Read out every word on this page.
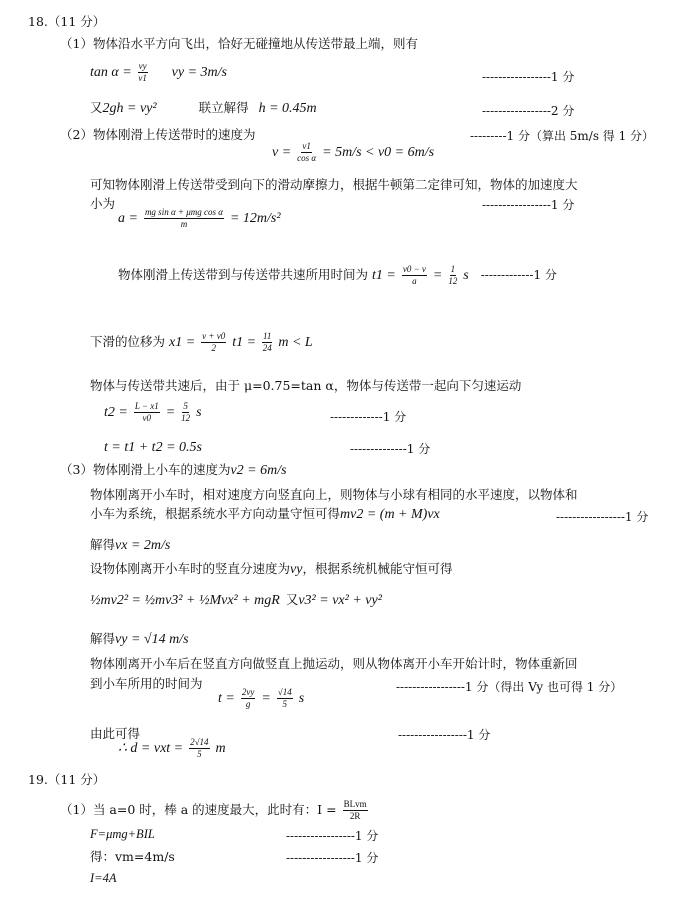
18.（11 分）
（1）物体沿水平方向飞出，恰好无碰撞地从传送带最上端，则有
$\tan \alpha = \frac{vy}{v1}$ vy = 3m/s	-----------------1 分
又2gh = vy²	联立解得 h = 0.45m	-----------------2 分
（2）物体刚滑上传送带时的速度为	---------1 分（算出 5m/s 得 1 分）
$v = \frac{v1}{\text{cos α}} = 5m/s < v0 = 6m/s$
可知物体刚滑上传送带受到向下的滑动摩擦力，根据牛顿第二定律可知，物体的加速度大
小为	-----------------1 分
$a = \frac{\text{mg sin α + μmg cos α}}{m} = 12m/s^2$
物体刚滑上传送带到与传送带共速所用时间为 $t1 = \frac{v0 - v}{a} = \frac{1}{12}$ s -------------1 分
下滑的位移为 $x1 = \frac{v + v0}{2} t1 = \frac{11}{24}$ m < L
物体与传送带共速后，由于 μ=0.75=tan α，物体与传送带一起向下匀速运动
$t2 = \frac{L - x1}{v0} = \frac{5}{12}$ s	-------------1 分
t = t1 + t2 = 0.5s	--------------1 分
（3）物体刚滑上小车的速度为v2 = 6m/s
物体刚离开小车时，相对速度方向竖直向上，则物体与小球有相同的水平速度，以物体和
小车为系统，根据系统水平方向动量守恒可得mv2 = (m + M)vx	-----------------1 分
解得vx = 2m/s
设物体刚离开小车时的竖直分速度为vy，根据系统机械能守恒可得
½mv2² = ½mv3² + ½Mvx² + mgR 又v3² = vx² + vy²
解得vy = √14 m/s
物体刚离开小车后在竖直方向做竖直上抛运动，则从物体离开小车开始计时，物体重新回
到小车所用的时间为	-----------------1 分（得出 Vy 也可得 1 分）
$t = \frac{2vy}{g} = \frac{√14}{5}$ s
由此可得	-----------------1 分
∴ d = vxt = $\frac{2√14}{5}$ m
19.（11 分）
（1）当 a=0 时，棒 a 的速度最大，此时有：$I = \frac{\text{BLvm}}{2R}$
F=μmg+BIL	-----------------1 分
得：vm=4m/s	-----------------1 分
I=4A
